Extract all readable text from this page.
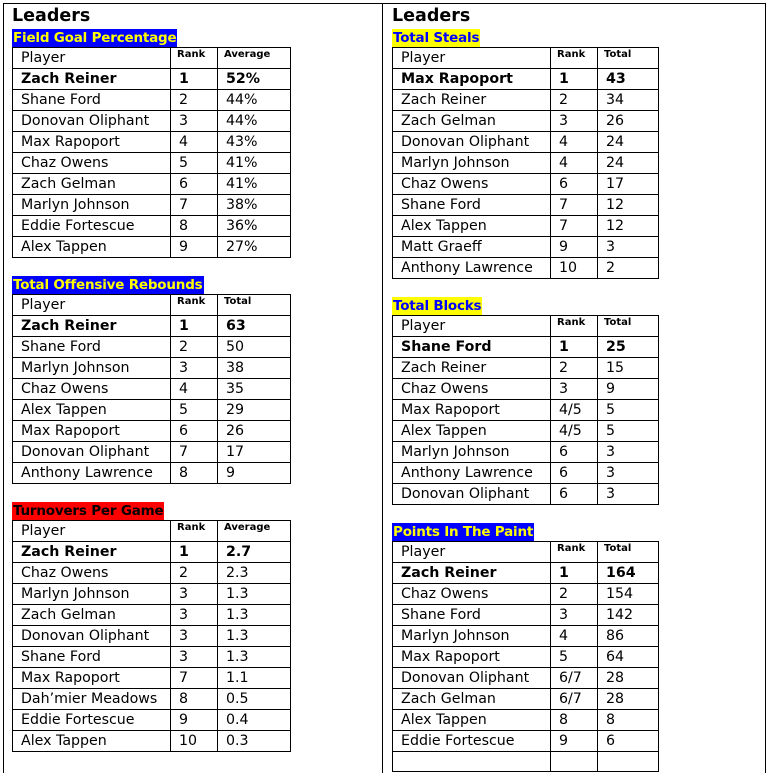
Leaders
Field Goal Percentage
Player	Rank	Average
Zach Reiner	1	52%
Shane Ford	2	44%
Donovan Oliphant	3	44%
Max Rapoport	4	43%
Chaz Owens	5	41%
Zach Gelman	6	41%
Marlyn Johnson	7	38%
Eddie Fortescue	8	36%
Alex Tappen	9	27%
Total Offensive Rebounds
Player	Rank	Total
Zach Reiner	1	63
Shane Ford	2	50
Marlyn Johnson	3	38
Chaz Owens	4	35
Alex Tappen	5	29
Max Rapoport	6	26
Donovan Oliphant	7	17
Anthony Lawrence	8	9
Turnovers Per Game
Player	Rank	Average
Zach Reiner	1	2.7
Chaz Owens	2	2.3
Marlyn Johnson	3	1.3
Zach Gelman	3	1.3
Donovan Oliphant	3	1.3
Shane Ford	3	1.3
Max Rapoport	7	1.1
Dah’mier Meadows	8	0.5
Eddie Fortescue	9	0.4
Alex Tappen	10	0.3
Leaders
Total Steals
Player	Rank	Total
Max Rapoport	1	43
Zach Reiner	2	34
Zach Gelman	3	26
Donovan Oliphant	4	24
Marlyn Johnson	4	24
Chaz Owens	6	17
Shane Ford	7	12
Alex Tappen	7	12
Matt Graeff	9	3
Anthony Lawrence	10	2
Total Blocks
Player	Rank	Total
Shane Ford	1	25
Zach Reiner	2	15
Chaz Owens	3	9
Max Rapoport	4/5	5
Alex Tappen	4/5	5
Marlyn Johnson	6	3
Anthony Lawrence	6	3
Donovan Oliphant	6	3
Points In The Paint
Player	Rank	Total
Zach Reiner	1	164
Chaz Owens	2	154
Shane Ford	3	142
Marlyn Johnson	4	86
Max Rapoport	5	64
Donovan Oliphant	6/7	28
Zach Gelman	6/7	28
Alex Tappen	8	8
Eddie Fortescue	9	6
